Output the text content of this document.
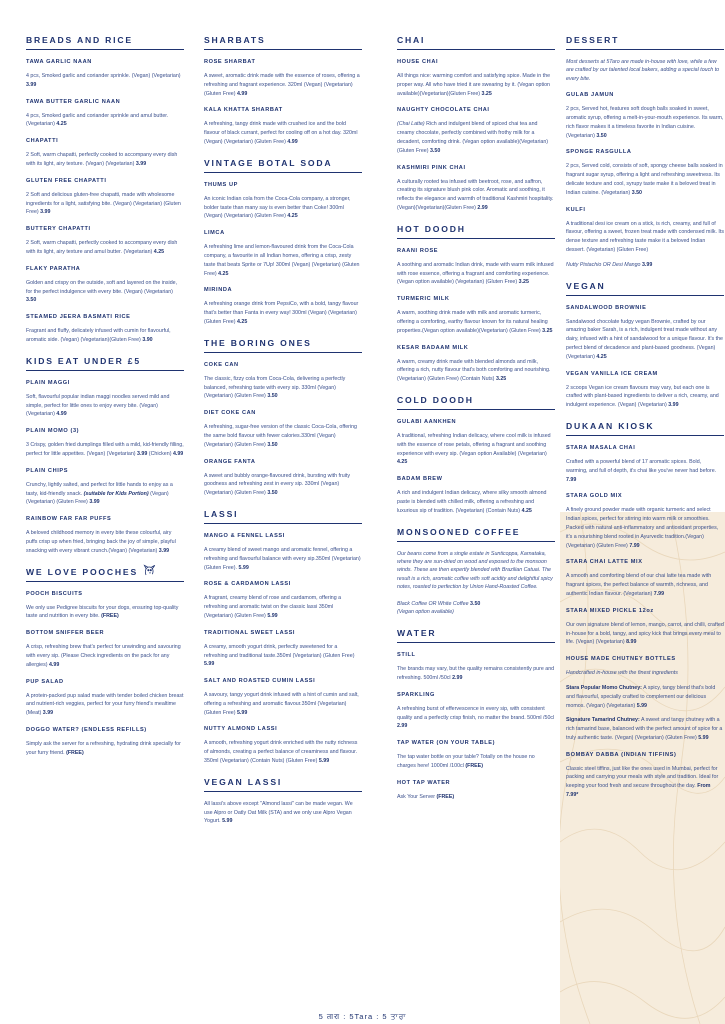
BREADS AND RICE
TAWA GARLIC NAAN

4 pcs, Smoked garlic and coriander sprinkle. (Vegan) (Vegetarian) 3.99

TAWA BUTTER GARLIC NAAN

4 pcs, Smoked garlic and coriander sprinkle and amul butter.(Vegetarian) 4.25

CHAPATTI

2 Soft, warm chapatti, perfectly cooked to accompany every dish with its light, airy texture. (Vegan) (Vegetarian) 3.99

GLUTEN FREE CHAPATTI

2 Soft and delicious gluten-free chapatti, made with wholesome ingredients for a light, satisfying bite. (Vegan) (Vegetarian) (Gluten Free) 3.99

BUTTERY CHAPATTI

2 Soft, warm chapatti, perfectly cooked to accompany every dish with its light, airy texture and amul butter. (Vegetarian) 4.25

FLAKY PARATHA

Golden and crispy on the outside, soft and layered on the inside, for the perfect indulgence with every bite. (Vegan) (Vegetarian) 3.50

STEAMED JEERA BASMATI RICE

Fragrant and fluffy, delicately infused with cumin for flavourful, aromatic side. (Vegan) (Vegetarian)(Gluten Free) 3.90

KIDS EAT UNDER £5
PLAIN MAGGI

Soft, flavourful popular indian maggi noodles served mild and simple, perfect for little ones to enjoy every bite. (Vegan) (Vegetarian) 4.99

PLAIN MOMO (3)

3 Crispy, golden fried dumplings filled with a mild, kid-friendly filling, perfect for little appetites. (Vegan) (Vegetarian) 3.99 (Chicken) 4.99

PLAIN CHIPS

Crunchy, lightly salted, and perfect for little hands to enjoy as a tasty, kid-friendly snack. (suitable for Kids Portion) (Vegan) (Vegetarian) (Gluten Free) 3.99

RAINBOW FAR FAR PUFFS

A beloved childhood memory in every bite these colourful, airy puffs crisp up when fried, bringing back the joy of simple, playful snacking with every vibrant crunch.(Vegan) (Vegetarian) 3.99

WE LOVE POOCHES
POOCH BISCUITS

We only use Pedigree biscuits for your dogs, ensuring top-quality taste and nutrition in every bite. (FREE)

BOTTOM SNIFFER BEER

A crisp, refreshing brew that's perfect for unwinding and savouring with every sip. (Please Check ingredients on the pack for any allergies) 4.99

PUP SALAD

A protein-packed pup salad made with tender boiled chicken breast and nutrient-rich veggies, perfect for your furry friend's mealtime (Meat) 3.99

DOGGO WATER? (ENDLESS REFILLS)

Simply ask the server for a refreshing, hydrating drink specially for your furry friend. (FREE)

SHARBATS
ROSE SHARBAT

A sweet, aromatic drink made with the essence of roses, offering a refreshing and fragrant experience. 320ml (Vegan) (Vegetarian) (Gluten Free) 4.99

KALA KHATTA SHARBAT

A refreshing, tangy drink made with crushed ice and the bold flavour of black currant, perfect for cooling off on a hot day. 320ml (Vegan) (Vegetarian) (Gluten Free) 4.99

VINTAGE BOTAL SODA
THUMS UP

An iconic Indian cola from the Coca-Cola company, a stronger, bolder taste than many say is even better than Coke! 300ml (Vegan) (Vegetarian) (Gluten Free) 4.25

LIMCA

A refreshing lime and lemon-flavoured drink from the Coca-Cola company, a favourite in all Indian homes, offering a crisp, zesty taste that beats Sprite or 7Up! 300ml (Vegan) (Vegetarian) (Gluten Free) 4.25

MIRINDA

A refreshing orange drink from PepsiCo, with a bold, tangy flavour that's better than Fanta in every way! 300ml (Vegan) (Vegetarian) (Gluten Free) 4.25

THE BORING ONES
COKE CAN

The classic, fizzy cola from Coca-Cola, delivering a perfectly balanced, refreshing taste with every sip. 330ml (Vegan) (Vegetarian) (Gluten Free) 3.50

DIET COKE CAN

A refreshing, sugar-free version of the classic Coca-Cola, offering the same bold flavour with fewer calories.330ml (Vegan) (Vegetarian) (Gluten Free) 3.50

ORANGE FANTA

A sweet and bubbly orange-flavoured drink, bursting with fruity goodness and refreshing zest in every sip. 330ml (Vegan) (Vegetarian) (Gluten Free) 3.50

LASSI
MANGO & FENNEL LASSI

A creamy blend of sweet mango and aromatic fennel, offering a refreshing and flavourful balance with every sip.350ml (Vegetarian) (Gluten Free). 5.99

ROSE & CARDAMON LASSI

A fragrant, creamy blend of rose and cardamom, offering a refreshing and aromatic twist on the classic lassi 350ml (Vegetarian) (Gluten Free) 5.99

TRADITIONAL SWEET LASSI

A creamy, smooth yogurt drink, perfectly sweetened for a refreshing and traditional taste.350ml (Vegetarian) (Gluten Free) 5.99

SALT AND ROASTED CUMIN LASSI

A savoury, tangy yogurt drink infused with a hint of cumin and salt, offering a refreshing and aromatic flavour.350ml (Vegetarian) (Gluten Free) 5.99

NUTTY ALMOND LASSI

A smooth, refreshing yogurt drink enriched with the nutty richness of almonds, creating a perfect balance of creaminess and flavour. 350ml (Vegetarian) (Contain Nuts) (Gluten Free) 5.99

VEGAN LASSI

All lassi's above except "Almond lassi" can be made vegan. We use Alpro or Oatly Oat Milk (STA) and we only use Alpro Vegan Yogurt. 5.99

CHAI
HOUSE CHAI

All things nice: warming comfort and satisfying spice. Made in the proper way. All who have tried it are swearing by it. (Vegan option available)(Vegetarian)(Gluten Free) 3.25

NAUGHTY CHOCOLATE CHAI

(Chai Latte) Rich and indulgent blend of spiced chai tea and creamy chocolate, perfectly combined with frothy milk for a decadent, comforting drink. (Vegan option available)(Vegetarian)(Gluten Free) 3.50

KASHMIRI PINK CHAI

A culturally rooted tea infused with beetroot, rose, and saffron, creating its signature blush pink color. Aromatic and soothing, it reflects the elegance and warmth of traditional Kashmiri hospitality. (Vegan)(Vegetarian)(Gluten Free) 2.99

HOT DOODH
RAANI ROSE

A soothing and aromatic Indian drink, made with warm milk infused with rose essence, offering a fragrant and comforting experience. (Vegan option available) (Vegetarian) (Gluten Free) 3.25

TURMERIC MILK

A warm, soothing drink made with milk and aromatic turmeric, offering a comforting, earthy flavour known for its natural healing properties.(Vegan option available)(Vegetarian) (Gluten Free) 3.25

KESAR BADAAM MILK

A warm, creamy drink made with blended almonds and milk, offering a rich, nutty flavour that's both comforting and nourishing. (Vegetarian) (Gluten Free) (Contain Nuts) 3.25

COLD DOODH
GULABI AANKHEN

A traditional, refreshing Indian delicacy, where cool milk is infused with the essence of rose petals, offering a fragrant and soothing experience with every sip. (Vegan option Available) (Vegetarian) 4.25

BADAM BREW

A rich and indulgent Indian delicacy, where silky smooth almond paste is blended with chilled milk, offering a refreshing and luxurious sip of tradition. (Vegetarian) (Contain Nuts) 4.25

MONSOONED COFFEE
Our beans come from a single estate in Sunticoppa, Karnataka, where they are sun-dried on wood and exposed to the monsoon winds. These are then expertly blended with Brazilian Catuai. The result is a rich, aromatic coffee with soft acidity and delightful spicy notes, roasted to perfection by Union Hand-Roasted Coffee.

Black Coffee OR White Coffee 3.50
(Vegan option available)

WATER
STILL

The brands may vary, but the quality remains consistently pure and refreshing. 500ml /50cl 2.99

SPARKLING

A refreshing burst of effervescence in every sip, with consistent quality and a perfectly crisp finish, no matter the brand. 500ml /50cl 2.99

TAP WATER (ON YOUR TABLE)

The tap water bottle on your table? Totally on the house no charges here! 1000ml /100cl (FREE)

HOT TAP WATER

Ask Your Server (FREE)

DESSERT
Most desserts at 5Taro are made in-house with love, while a few are crafted by our talented local bakers, adding a special touch to every bite.
GULAB JAMUN

2 pcs, Served hot, features soft dough balls soaked in sweet, aromatic syrup, offering a melt-in-your-mouth experience. Its warm, rich flavor makes it a timeless favorite in Indian cuisine. (Vegetarian) 3.50

SPONGE RASGULLA

2 pcs, Served cold, consists of soft, spongy cheese balls soaked in fragrant sugar syrup, offering a light and refreshing sweetness. Its delicate texture and cool, syrupy taste make it a beloved treat in Indian cuisine. (Vegetarian) 3.50

KULFI

A traditional desi ice cream on a stick, is rich, creamy, and full of flavour, offering a sweet, frozen treat made with condensed milk. Its dense texture and refreshing taste make it a beloved Indian dessert. (Vegetarian) (Gluten Free)

Nutty Pistachio OR Desi Mango 3.99

VEGAN
SANDALWOOD BROWNIE

Sandalwood chocolate fudgy vegan Brownie, crafted by our amazing baker Sarah, is a rich, indulgent treat made without any dairy, infused with a hint of sandalwood for a unique flavour. It's the perfect blend of decadence and plant-based goodness. (Vegan) (Vegetarian) 4.25

VEGAN VANILLA ICE CREAM

2 scoops Vegan ice cream flavours may vary, but each one is crafted with plant-based ingredients to deliver a rich, creamy, and indulgent experience. (Vegan) (Vegetarian) 3.99

DUKAAN KIOSK
STARA MASALA CHAI

Crafted with a powerful blend of 17 aromatic spices. Bold, warming, and full of depth, it's chai like you've never had before. 7.99

STARA GOLD MIX

A finely ground powder made with organic turmeric and select Indian spices, perfect for stirring into warm milk or smoothies. Packed with natural anti-inflammatory and antioxidant properties, it's a nourishing blend rooted in Ayurvedic tradition.(Vegan) (Vegetarian) (Gluten Free) 7.99

STARA CHAI LATTE MIX

A smooth and comforting blend of our chai latte tea made with fragrant spices, the perfect balance of warmth, richness, and authentic Indian flavour. (Vegetarian) 7.99

STARA MIXED PICKLE 12oz

Our own signature blend of lemon, mango, carrot, and chilli, crafted in-house for a bold, tangy, and spicy kick that brings every meal to life. (Vegan) (Vegetarian) 8.99

HOUSE MADE CHUTNEY BOTTLES

Handcrafted in-house with the finest ingredients

Stara Popular Momo Chutney: A spicy, tangy blend that's bold and flavourful, specially crafted to complement our delicious momos. (Vegan) (Vegetarian) 5.99

Signature Tamarind Chutney: A sweet and tangy chutney with a rich tamarind base, balanced with the perfect amount of spice for a truly authentic taste. (Vegan) (Vegetarian) (Gluten Free) 5.99

BOMBAY DABBA (INDIAN TIFFINS)

Classic steel tiffins, just like the ones used in Mumbai, perfect for packing and carrying your meals with style and tradition. Ideal for keeping your food fresh and secure throughout the day. From 7.99*

5 तारा : 5Tara : 5 ਤਾਰਾ
